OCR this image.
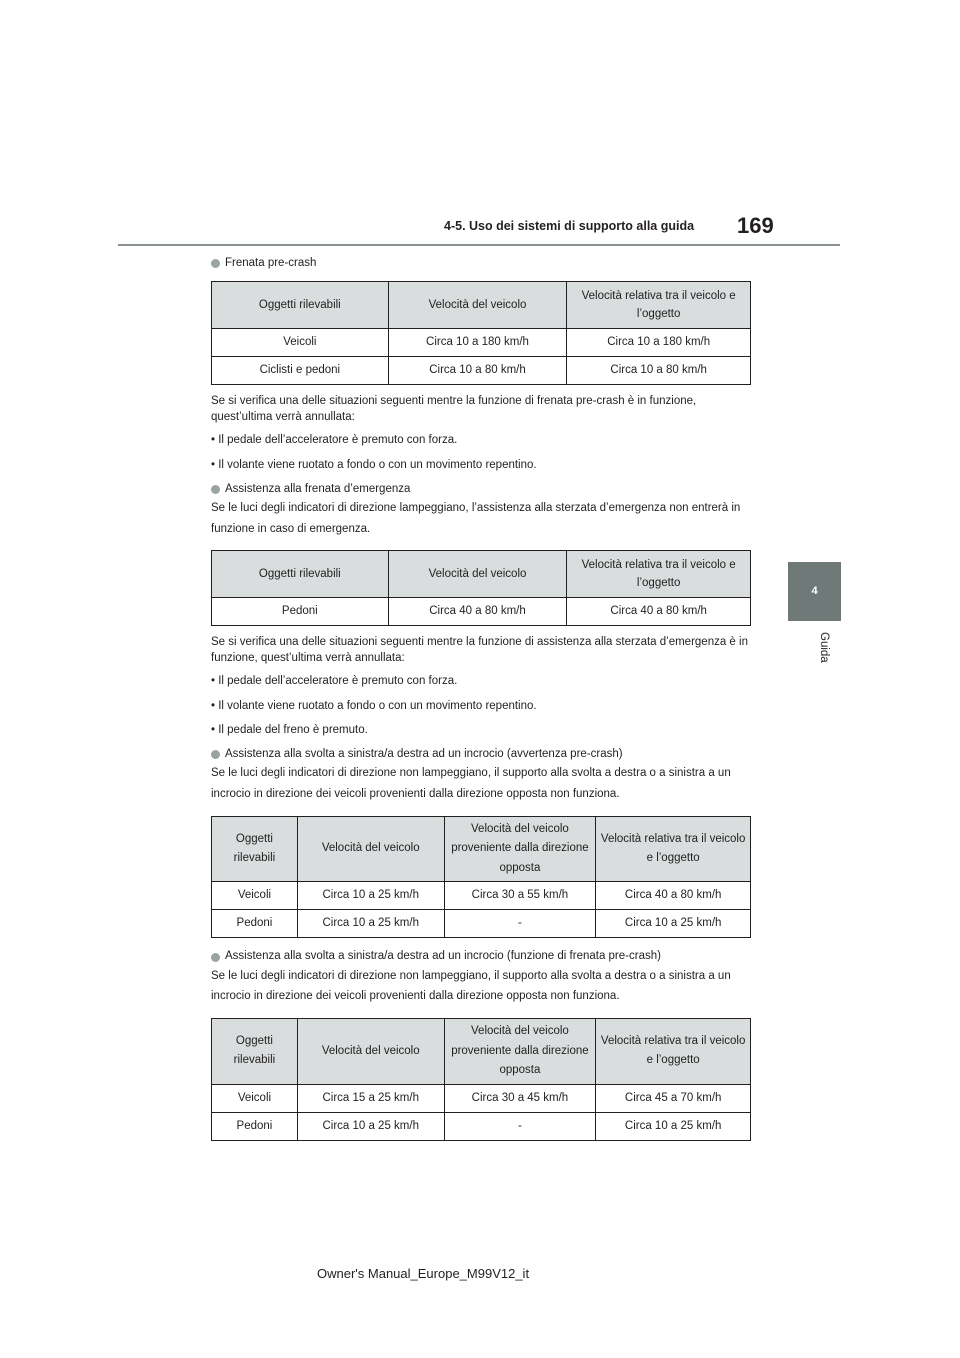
4-5. Uso dei sistemi di supporto alla guida 169
4
Guida
Frenata pre-crash
Oggetti rilevabili	Velocità del veicolo	Velocità relativa tra il veicolo e l’oggetto
Veicoli	Circa 10 a 180 km/h	Circa 10 a 180 km/h
Ciclisti e pedoni	Circa 10 a 80 km/h	Circa 10 a 80 km/h

Se si verifica una delle situazioni seguenti mentre la funzione di frenata pre-crash è in funzione, quest’ultima verrà annullata:

• Il pedale dell’acceleratore è premuto con forza.

• Il volante viene ruotato a fondo o con un movimento repentino.

Assistenza alla frenata d’emergenza

Se le luci degli indicatori di direzione lampeggiano, l’assistenza alla sterzata d’emergenza non entrerà in funzione in caso di emergenza.

Oggetti rilevabili	Velocità del veicolo	Velocità relativa tra il veicolo e l’oggetto
Pedoni	Circa 40 a 80 km/h	Circa 40 a 80 km/h

Se si verifica una delle situazioni seguenti mentre la funzione di assistenza alla sterzata d’emergenza è in funzione, quest’ultima verrà annullata:

• Il pedale dell’acceleratore è premuto con forza.

• Il volante viene ruotato a fondo o con un movimento repentino.

• Il pedale del freno è premuto.

Assistenza alla svolta a sinistra/a destra ad un incrocio (avvertenza pre-crash)

Se le luci degli indicatori di direzione non lampeggiano, il supporto alla svolta a destra o a sinistra a un incrocio in direzione dei veicoli provenienti dalla direzione opposta non funziona.

Oggetti rilevabili	Velocità del veicolo	Velocità del veicolo proveniente dalla direzione opposta	Velocità relativa tra il veicolo e l’oggetto
Veicoli	Circa 10 a 25 km/h	Circa 30 a 55 km/h	Circa 40 a 80 km/h
Pedoni	Circa 10 a 25 km/h	-	Circa 10 a 25 km/h
Assistenza alla svolta a sinistra/a destra ad un incrocio (funzione di frenata pre-crash)

Se le luci degli indicatori di direzione non lampeggiano, il supporto alla svolta a destra o a sinistra a un incrocio in direzione dei veicoli provenienti dalla direzione opposta non funziona.

Oggetti rilevabili	Velocità del veicolo	Velocità del veicolo proveniente dalla direzione opposta	Velocità relativa tra il veicolo e l’oggetto
Veicoli	Circa 15 a 25 km/h	Circa 30 a 45 km/h	Circa 45 a 70 km/h
Pedoni	Circa 10 a 25 km/h	-	Circa 10 a 25 km/h
Owner's Manual_Europe_M99V12_it
